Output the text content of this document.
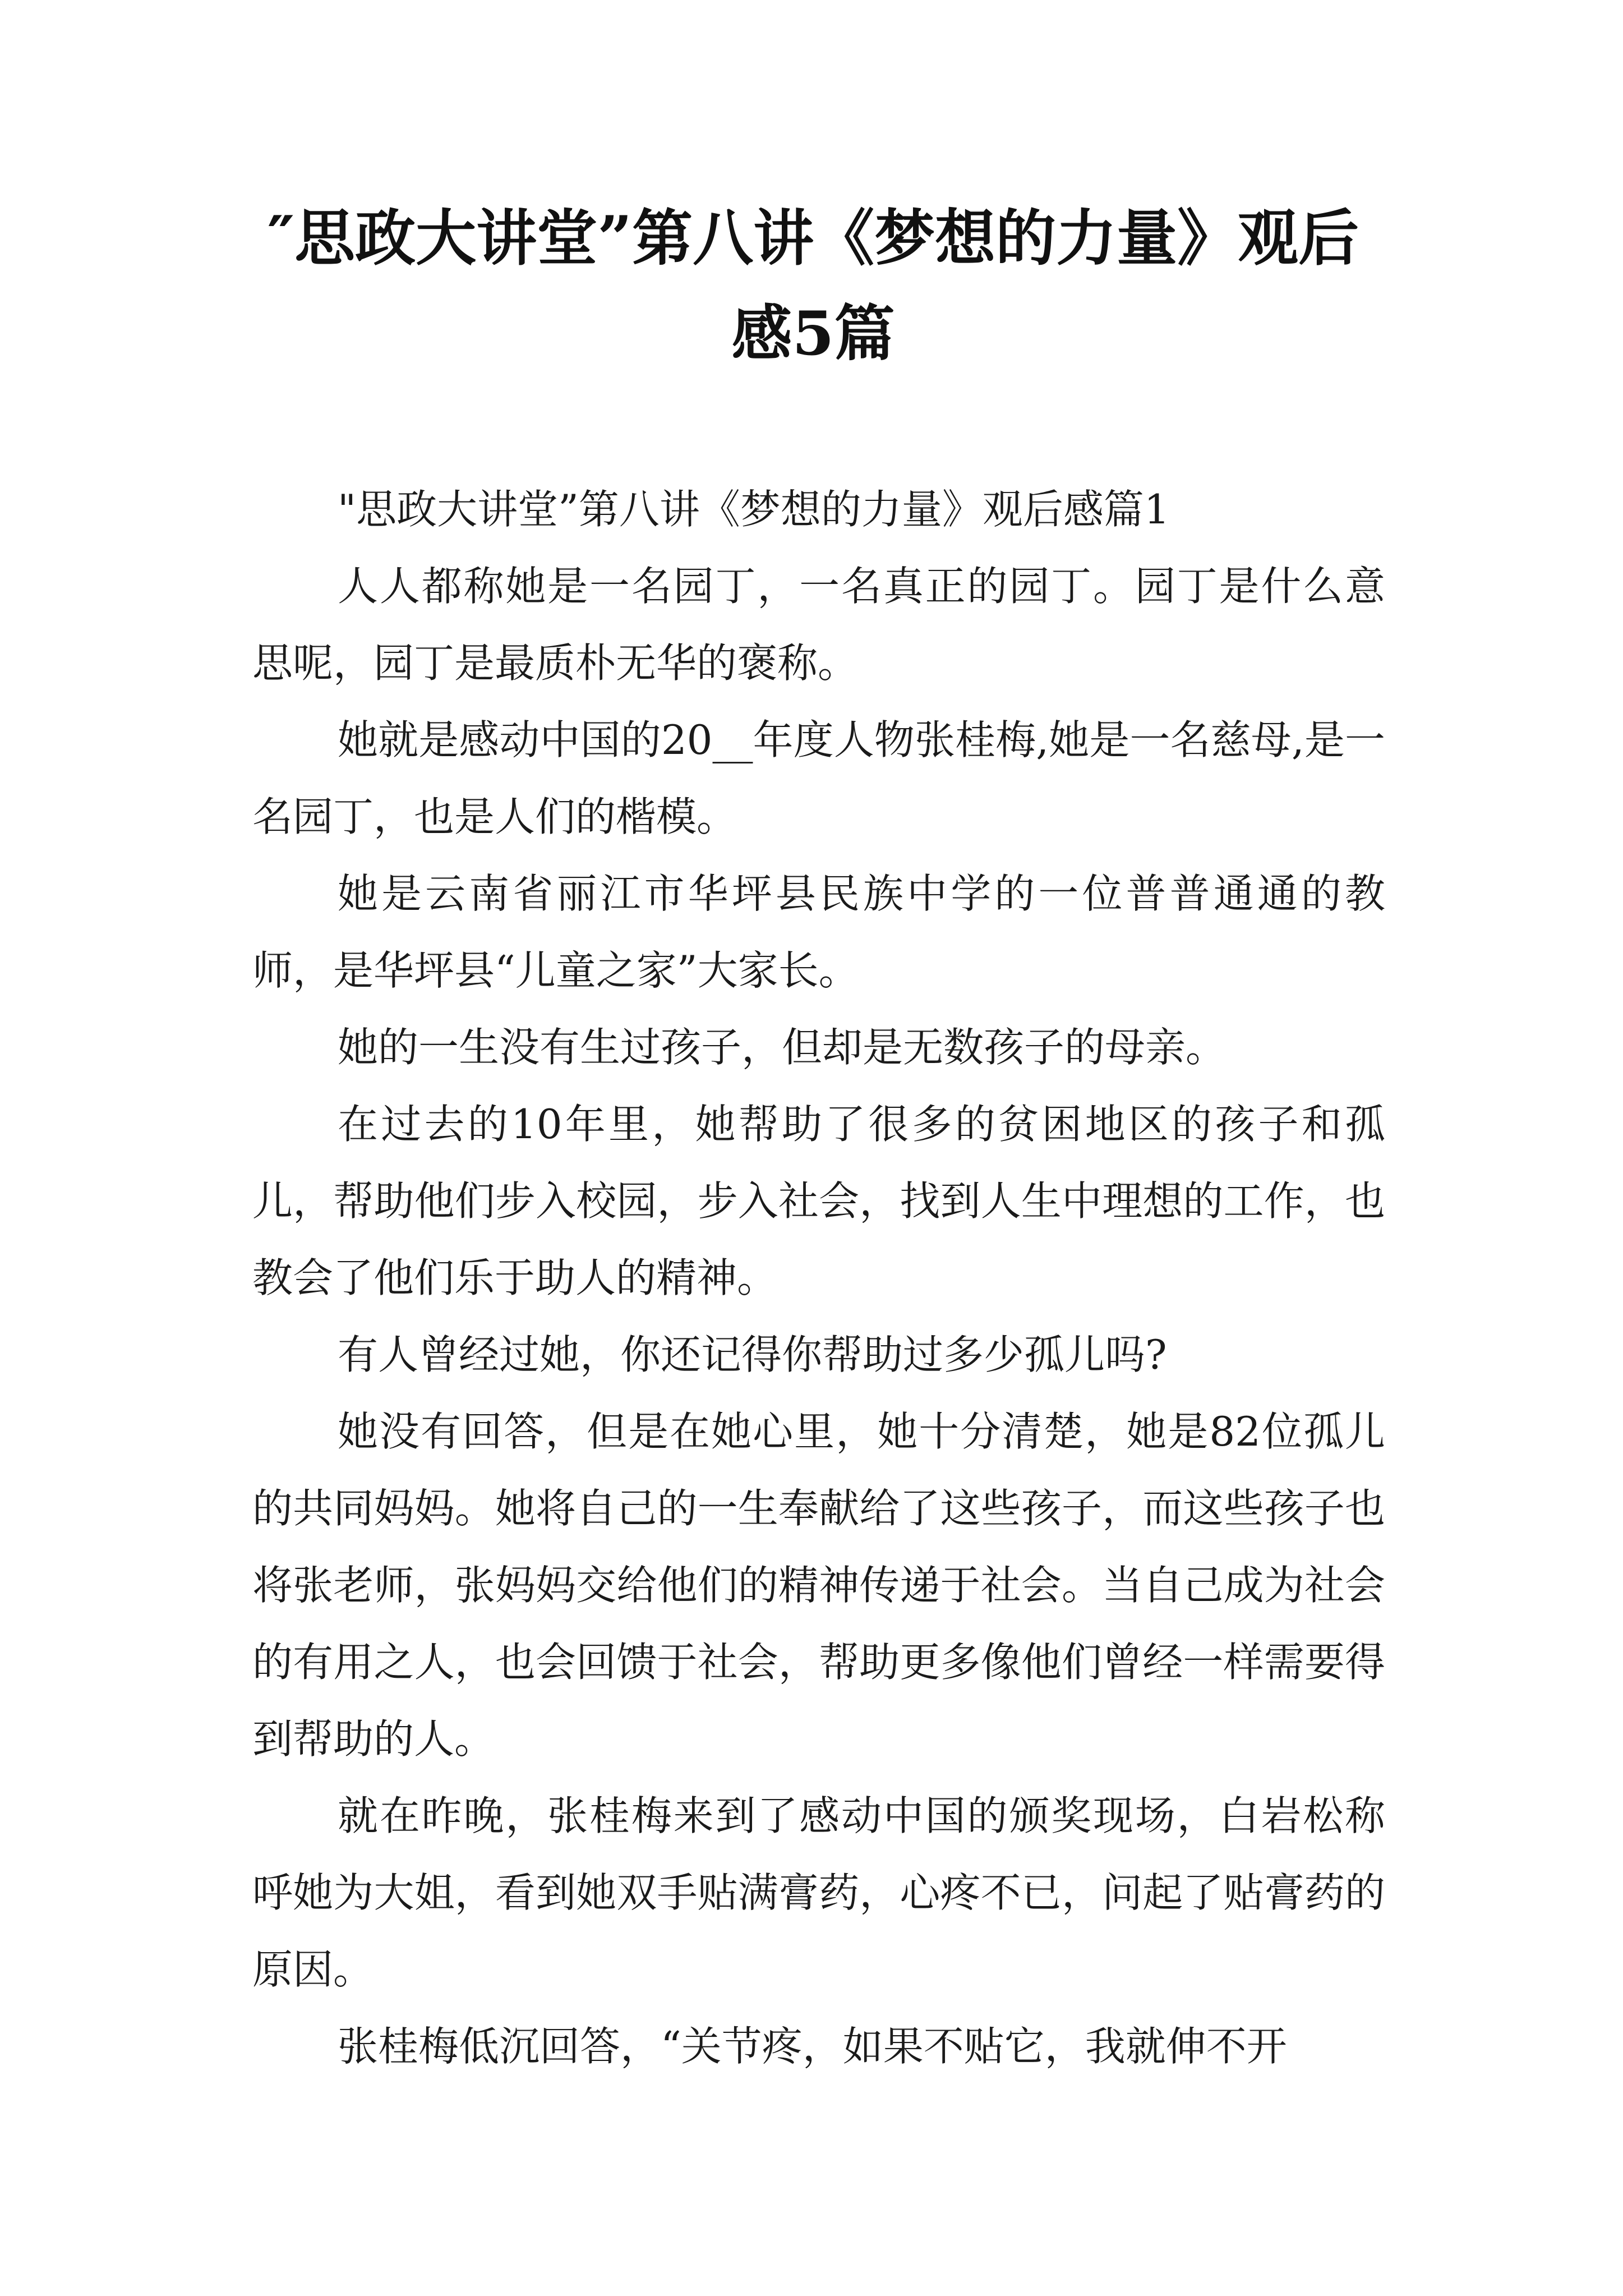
″思政大讲堂”第八讲《梦想的力量》观后
感5篇

"思政大讲堂”第八讲《梦想的力量》观后感篇1

人人都称她是一名园丁，一名真正的园丁。园丁是什么意思呢，园丁是最质朴无华的褒称。

她就是感动中国的20__年度人物张桂梅,她是一名慈母,是一名园丁，也是人们的楷模。

她是云南省丽江市华坪县民族中学的一位普普通通的教师，是华坪县“儿童之家”大家长。

她的一生没有生过孩子，但却是无数孩子的母亲。

在过去的10年里，她帮助了很多的贫困地区的孩子和孤儿，帮助他们步入校园，步入社会，找到人生中理想的工作，也教会了他们乐于助人的精神。

有人曾经过她，你还记得你帮助过多少孤儿吗?

她没有回答，但是在她心里，她十分清楚，她是82位孤儿的共同妈妈。她将自己的一生奉献给了这些孩子，而这些孩子也将张老师，张妈妈交给他们的精神传递于社会。当自己成为社会的有用之人，也会回馈于社会，帮助更多像他们曾经一样需要得到帮助的人。

就在昨晚，张桂梅来到了感动中国的颁奖现场，白岩松称呼她为大姐，看到她双手贴满膏药，心疼不已，问起了贴膏药的原因。

张桂梅低沉回答，“关节疼，如果不贴它，我就伸不开
